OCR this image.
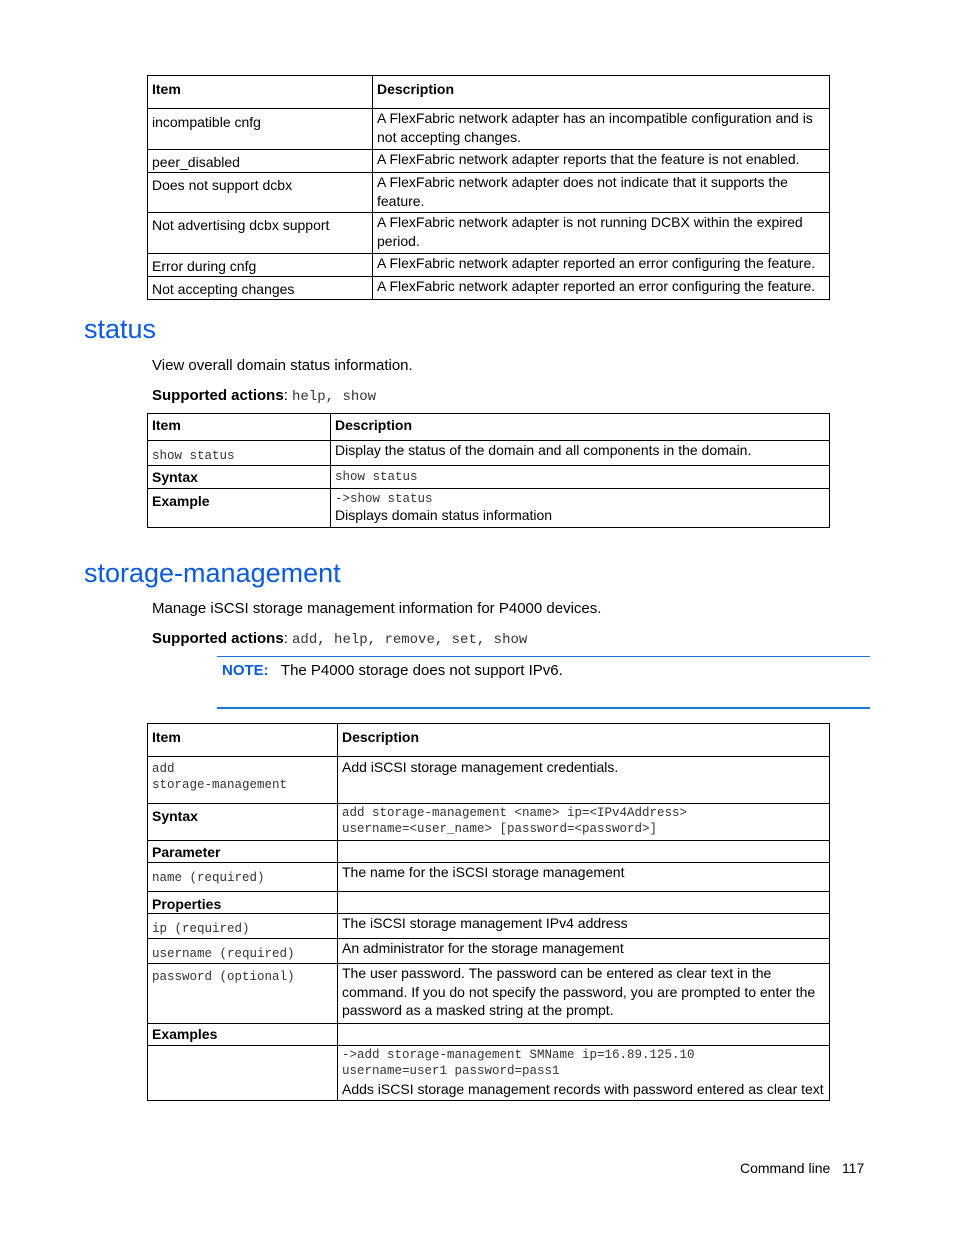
Item	Description
incompatible cnfg	A FlexFabric network adapter has an incompatible configuration and is not accepting changes.
peer_disabled	A FlexFabric network adapter reports that the feature is not enabled.
Does not support dcbx	A FlexFabric network adapter does not indicate that it supports the feature.
Not advertising dcbx support	A FlexFabric network adapter is not running DCBX within the expired period.
Error during cnfg	A FlexFabric network adapter reported an error configuring the feature.
Not accepting changes	A FlexFabric network adapter reported an error configuring the feature.
status

View overall domain status information.

Supported actions: help, show

Item	Description
show status	Display the status of the domain and all components in the domain.
Syntax	show status
Example	->show status
Displays domain status information
storage-management

Manage iSCSI storage management information for P4000 devices.

Supported actions: add, help, remove, set, show

NOTE: The P4000 storage does not support IPv6.

Item	Description

add
storage-management	Add iSCSI storage management credentials.
Syntax	add storage-management <name> ip=<IPv4Address>
username=<user_name> [password=<password>]

Parameter	
name (required)	The name for the iSCSI storage management
Properties	
ip (required)	The iSCSI storage management IPv4 address
username (required)	An administrator for the storage management
password (optional)	The user password. The password can be entered as clear text in the command. If you do not specify the password, you are prompted to enter the password as a masked string at the prompt.
Examples	

	->add storage-management SMName ip=16.89.125.10
username=user1 password=pass1
Adds iSCSI storage management records with password entered as clear text

Command line 117
